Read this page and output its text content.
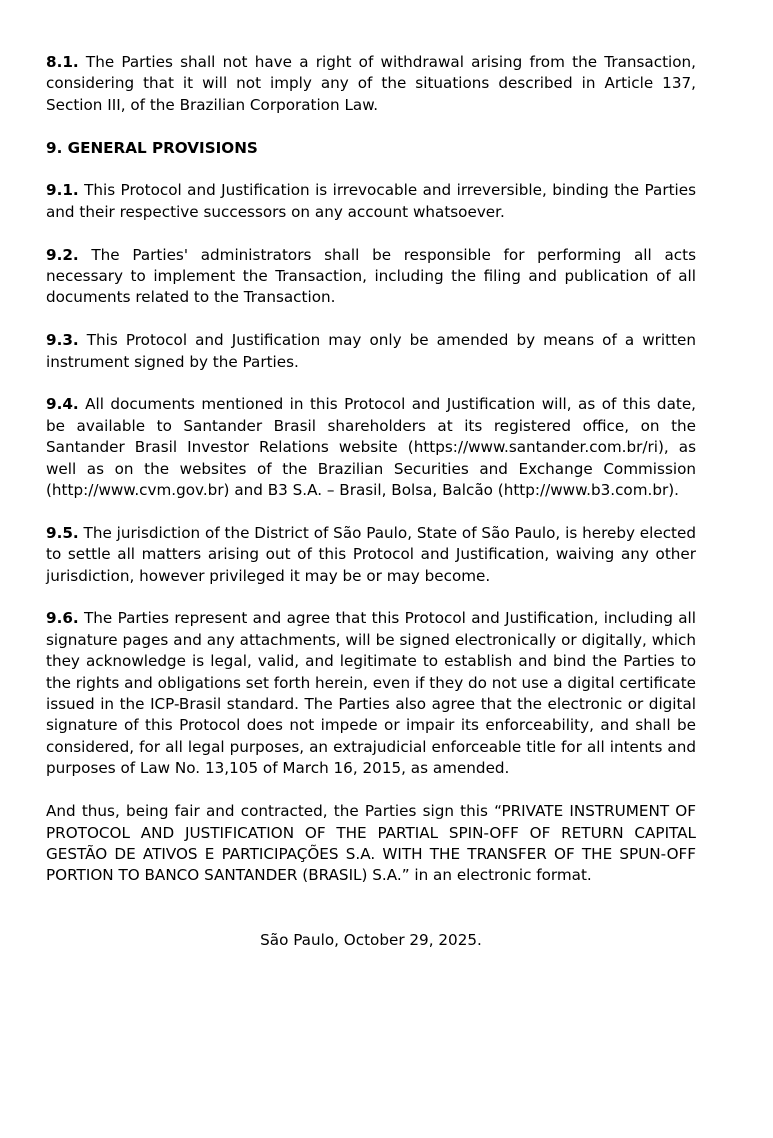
8.1. The Parties shall not have a right of withdrawal arising from the Transaction, considering that it will not imply any of the situations described in Article 137, Section III, of the Brazilian Corporation Law.

9. GENERAL PROVISIONS

9.1. This Protocol and Justification is irrevocable and irreversible, binding the Parties and their respective successors on any account whatsoever.

9.2. The Parties' administrators shall be responsible for performing all acts necessary to implement the Transaction, including the filing and publication of all documents related to the Transaction.

9.3. This Protocol and Justification may only be amended by means of a written instrument signed by the Parties.

9.4. All documents mentioned in this Protocol and Justification will, as of this date, be available to Santander Brasil shareholders at its registered office, on the Santander Brasil Investor Relations website (https://www.santander.com.br/ri), as well as on the websites of the Brazilian Securities and Exchange Commission (http://www.cvm.gov.br) and B3 S.A. – Brasil, Bolsa, Balcão (http://www.b3.com.br).

9.5. The jurisdiction of the District of São Paulo, State of São Paulo, is hereby elected to settle all matters arising out of this Protocol and Justification, waiving any other jurisdiction, however privileged it may be or may become.

9.6. The Parties represent and agree that this Protocol and Justification, including all signature pages and any attachments, will be signed electronically or digitally, which they acknowledge is legal, valid, and legitimate to establish and bind the Parties to the rights and obligations set forth herein, even if they do not use a digital certificate issued in the ICP-Brasil standard. The Parties also agree that the electronic or digital signature of this Protocol does not impede or impair its enforceability, and shall be considered, for all legal purposes, an extrajudicial enforceable title for all intents and purposes of Law No. 13,105 of March 16, 2015, as amended.

And thus, being fair and contracted, the Parties sign this “PRIVATE INSTRUMENT OF PROTOCOL AND JUSTIFICATION OF THE PARTIAL SPIN-OFF OF RETURN CAPITAL GESTÃO DE ATIVOS E PARTICIPAÇÕES S.A. WITH THE TRANSFER OF THE SPUN-OFF PORTION TO BANCO SANTANDER (BRASIL) S.A.” in an electronic format.

São Paulo, October 29, 2025.
